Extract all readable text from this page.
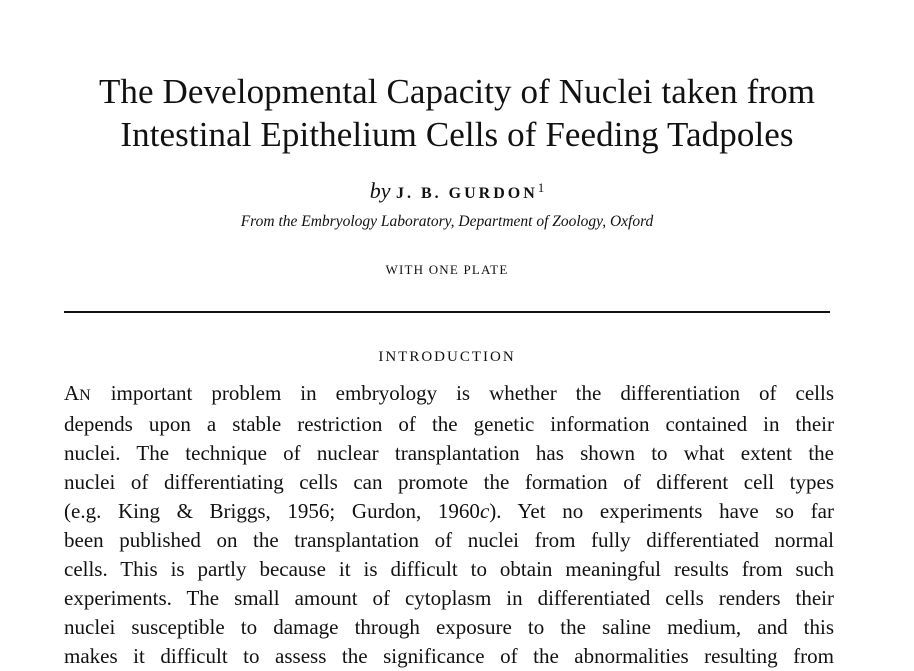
The Developmental Capacity of Nuclei taken from
Intestinal Epithelium Cells of Feeding Tadpoles
by J. B. GURDON$^1$
From the Embryology Laboratory, Department of Zoology, Oxford
WITH ONE PLATE
INTRODUCTION
AN important problem in embryology is whether the differentiation of cells
depends upon a stable restriction of the genetic information contained in their
nuclei. The technique of nuclear transplantation has shown to what extent the
nuclei of differentiating cells can promote the formation of different cell types
(e.g. King & Briggs, 1956; Gurdon, 1960c). Yet no experiments have so far
been published on the transplantation of nuclei from fully differentiated normal
cells. This is partly because it is difficult to obtain meaningful results from such
experiments. The small amount of cytoplasm in differentiated cells renders their
nuclei susceptible to damage through exposure to the saline medium, and this
makes it difficult to assess the significance of the abnormalities resulting from
